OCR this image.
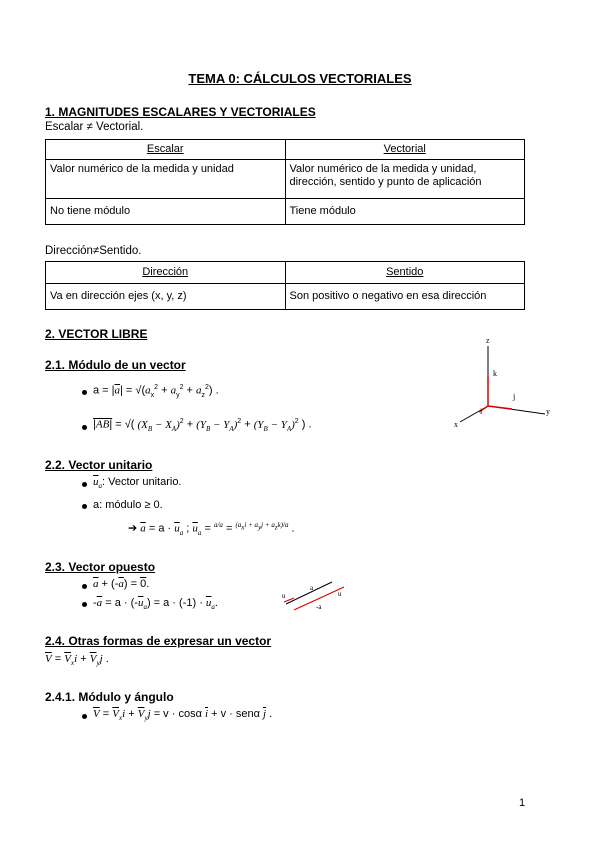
TEMA 0: CÁLCULOS VECTORIALES
1. MAGNITUDES ESCALARES Y VECTORIALES
Escalar ≠ Vectorial.
Escalar	Vectorial
Valor numérico de la medida y unidad	Valor numérico de la medida y unidad, dirección, sentido y punto de aplicación
No tiene módulo	Tiene módulo
Dirección≠Sentido.
Dirección	Sentido
Va en dirección ejes (x, y, z)	Son positivo o negativo en esa dirección
2. VECTOR LIBRE	z
k
j
i
x
y
2.1. Módulo de un vector
$a = |\overline{a}| = √(a_x^2 + a_y^2 + a_z^2)$ .
|AB| = √( $(X_B - X_A)^2 + (Y_B - Y_A)^2 + (Y_B - Y_A)^2$ ) .
2.2. Vector unitario
$\overline{u}_a$: Vector unitario.
a: módulo ≥ 0.
➔ $\overline{a} = a \cdot \overline{u}_a$ ; $\overline{u}_a = ^{a/a} = ^{(a_xi + a_yj + a_zk)/a}$ .
2.3. Vector opuesto
$\overline{a} + (-\overline{a}) = 0$.
$-\overline{a} = a \cdot (-\overline{u}_a) = a \cdot (-1) \cdot \overline{u}_a$.
a
-a
u	u
2.4. Otras formas de expresar un vector
$\overline{V} = \overline{V}_xi + \overline{V}_yj$ .
2.4.1. Módulo y ángulo
$\overline{V} = \overline{V}_xi + \overline{V}_yj = v \cdot \cos\alpha$ $\overline{i} + v \cdot sen\alpha$ $\overline{j}$ .
1
